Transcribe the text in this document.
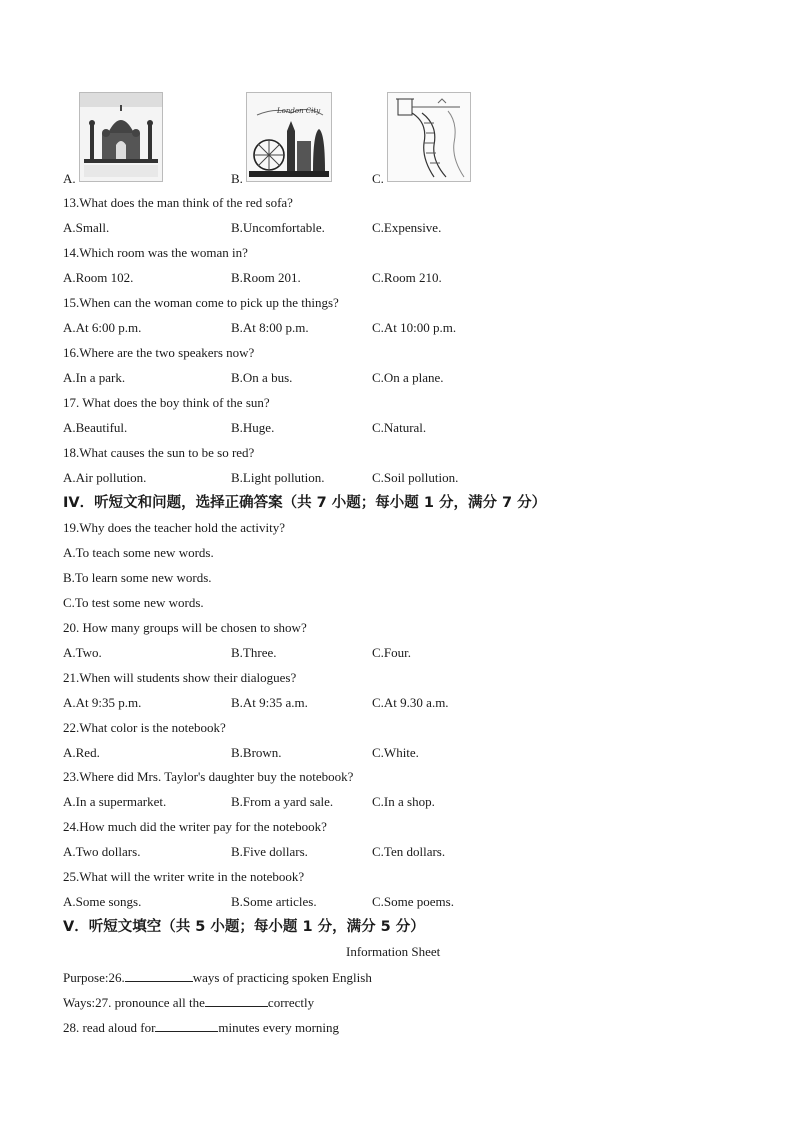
A.	B.
London City
C.
13.What does the man think of the red sofa?
A.Small.	B.Uncomfortable.	C.Expensive.
14.Which room was the woman in?
A.Room 102.	B.Room 201.	C.Room 210.
15.When can the woman come to pick up the things?
A.At 6:00 p.m.	B.At 8:00 p.m.	C.At 10:00 p.m.
16.Where are the two speakers now?
A.In a park.	B.On a bus.	C.On a plane.
17. What does the boy think of the sun?
A.Beautiful.	B.Huge.	C.Natural.
18.What causes the sun to be so red?
A.Air pollution.	B.Light pollution.	C.Soil pollution.
IV．听短文和问题，选择正确答案（共 7 小题；每小题 1 分，满分 7 分）
19.Why does the teacher hold the activity?
A.To teach some new words.
B.To learn some new words.
C.To test some new words.
20. How many groups will be chosen to show?
A.Two.	B.Three.	C.Four.
21.When will students show their dialogues?
A.At 9:35 p.m.	B.At 9:35 a.m.	C.At 9.30 a.m.
22.What color is the notebook?
A.Red.	B.Brown.	C.White.
23.Where did Mrs. Taylor's daughter buy the notebook?
A.In a supermarket.	B.From a yard sale.	C.In a shop.
24.How much did the writer pay for the notebook?
A.Two dollars.	B.Five dollars.	C.Ten dollars.
25.What will the writer write in the notebook?
A.Some songs.	B.Some articles.	C.Some poems.
V．听短文填空（共 5 小题；每小题 1 分，满分 5 分）
Information Sheet
Purpose:26.	ways of practicing spoken English
Ways:27. pronounce all the	correctly
28. read aloud for	minutes every morning
